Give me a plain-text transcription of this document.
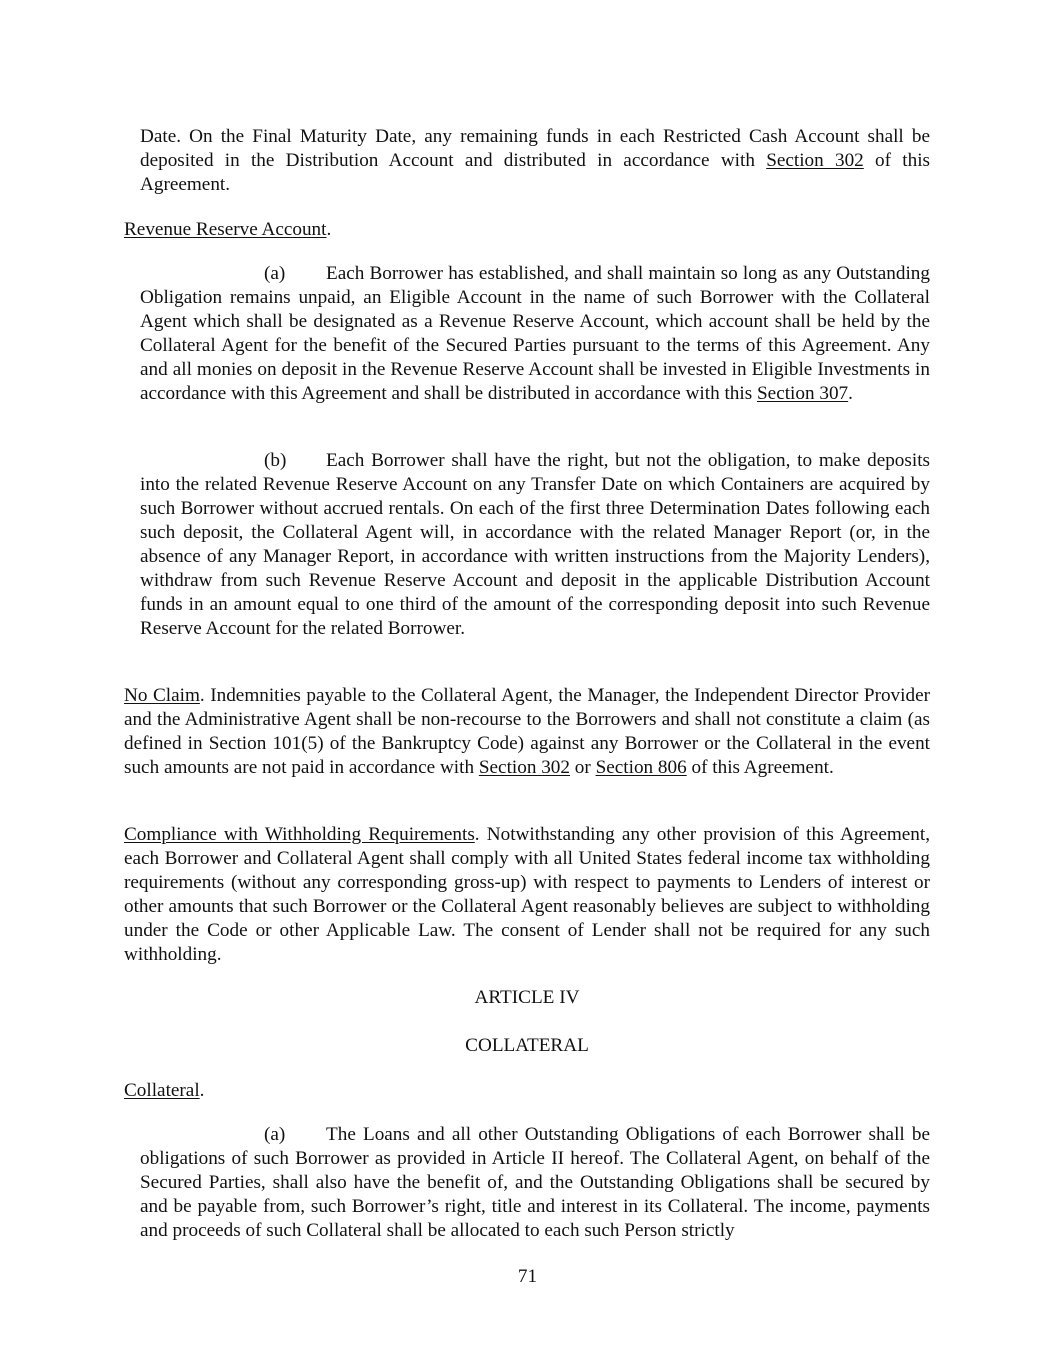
Date. On the Final Maturity Date, any remaining funds in each Restricted Cash Account shall be deposited in the Distribution Account and distributed in accordance with Section 302 of this Agreement.

Revenue Reserve Account.

(a) Each Borrower has established, and shall maintain so long as any Outstanding Obligation remains unpaid, an Eligible Account in the name of such Borrower with the Collateral Agent which shall be designated as a Revenue Reserve Account, which account shall be held by the Collateral Agent for the benefit of the Secured Parties pursuant to the terms of this Agreement. Any and all monies on deposit in the Revenue Reserve Account shall be invested in Eligible Investments in accordance with this Agreement and shall be distributed in accordance with this Section 307.

(b) Each Borrower shall have the right, but not the obligation, to make deposits into the related Revenue Reserve Account on any Transfer Date on which Containers are acquired by such Borrower without accrued rentals. On each of the first three Determination Dates following each such deposit, the Collateral Agent will, in accordance with the related Manager Report (or, in the absence of any Manager Report, in accordance with written instructions from the Majority Lenders), withdraw from such Revenue Reserve Account and deposit in the applicable Distribution Account funds in an amount equal to one third of the amount of the corresponding deposit into such Revenue Reserve Account for the related Borrower.

No Claim. Indemnities payable to the Collateral Agent, the Manager, the Independent Director Provider and the Administrative Agent shall be non-recourse to the Borrowers and shall not constitute a claim (as defined in Section 101(5) of the Bankruptcy Code) against any Borrower or the Collateral in the event such amounts are not paid in accordance with Section 302 or Section 806 of this Agreement.

Compliance with Withholding Requirements. Notwithstanding any other provision of this Agreement, each Borrower and Collateral Agent shall comply with all United States federal income tax withholding requirements (without any corresponding gross-up) with respect to payments to Lenders of interest or other amounts that such Borrower or the Collateral Agent reasonably believes are subject to withholding under the Code or other Applicable Law. The consent of Lender shall not be required for any such withholding.

ARTICLE IV

COLLATERAL

Collateral.

(a) The Loans and all other Outstanding Obligations of each Borrower shall be obligations of such Borrower as provided in Article II hereof. The Collateral Agent, on behalf of the Secured Parties, shall also have the benefit of, and the Outstanding Obligations shall be secured by and be payable from, such Borrower’s right, title and interest in its Collateral. The income, payments and proceeds of such Collateral shall be allocated to each such Person strictly

71
